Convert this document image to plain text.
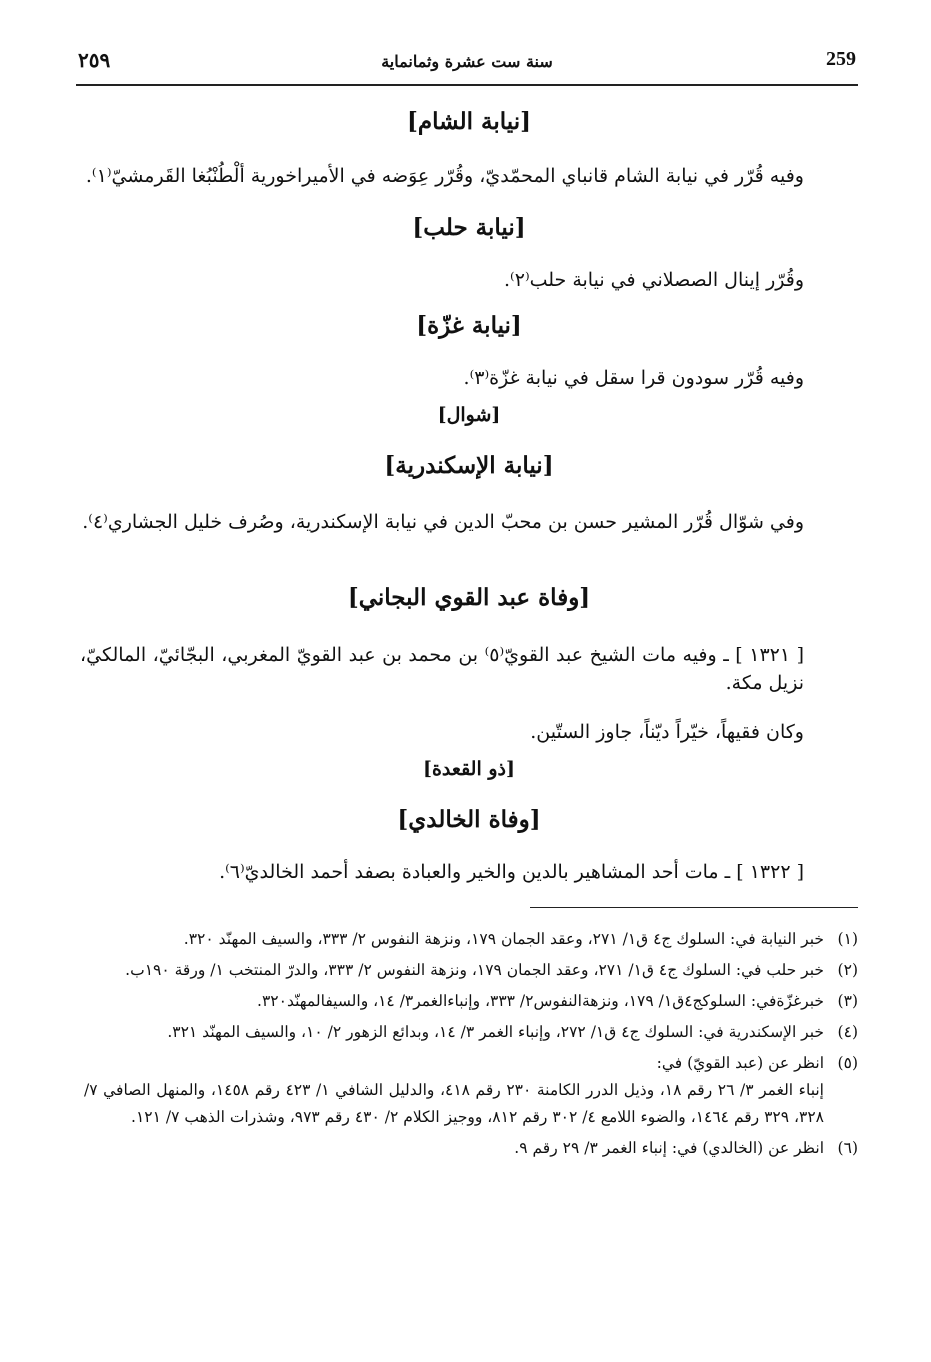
٢٥٩	سنة ست عشرة وثمانماية	259
[نيابة الشام]
وفيه قُرّر في نيابة الشام قانباي المحمّديّ، وقُرّر عِوَضه في الأميراخورية ألْطُنْبُغا القَرمشيّ⁽١⁾.
[نيابة حلب]
وقُرّر إينال الصصلاني في نيابة حلب⁽٢⁾.
[نيابة غزّة]
وفيه قُرّر سودون قرا سقل في نيابة غزّة⁽٣⁾.
[شوال]
[نيابة الإسكندرية]
وفي شوّال قُرّر المشير حسن بن محبّ الدين في نيابة الإسكندرية، وصُرف خليل الجشاري⁽٤⁾.
[وفاة عبد القوي البجاني]
[ ١٣٢١ ] ـ وفيه مات الشيخ عبد القويّ⁽٥⁾ بن محمد بن عبد القويّ المغربي، البجّائيّ، المالكيّ، نزيل مكة.
وكان فقيهاً، خيّراً ديّناً، جاوز الستّين.
[ذو القعدة]
[وفاة الخالدي]
[ ١٣٢٢ ] ـ مات أحد المشاهير بالدين والخير والعبادة بصفد أحمد الخالديّ⁽٦⁾.
(١)
خبر النيابة في: السلوك ج٤ ق١/ ٢٧١، وعقد الجمان ١٧٩، ونزهة النفوس ٢/ ٣٣٣، والسيف المهنّد ٣٢٠.
(٢)
خبر حلب في: السلوك ج٤ ق١/ ٢٧١، وعقد الجمان ١٧٩، ونزهة النفوس ٢/ ٣٣٣، والدرّ المنتخب ١/ ورقة ١٩٠ب.
(٣)
خبرغزّةفي: السلوكج٤ق١/ ١٧٩، ونزهةالنفوس٢/ ٣٣٣، وإنباءالغمر٣/ ١٤، والسيفالمهنّد٣٢٠.
(٤)
خبر الإسكندرية في: السلوك ج٤ ق١/ ٢٧٢، وإنباء الغمر ٣/ ١٤، وبدائع الزهور ٢/ ١٠، والسيف المهنّد ٣٢١.
(٥)
انظر عن (عبد القويّ) في:
إنباء الغمر ٣/ ٢٦ رقم ١٨، وذيل الدرر الكامنة ٢٣٠ رقم ٤١٨، والدليل الشافي ١/ ٤٢٣ رقم ١٤٥٨، والمنهل الصافي ٧/ ٣٢٨، ٣٢٩ رقم ١٤٦٤، والضوء اللامع ٤/ ٣٠٢ رقم ٨١٢، ووجيز الكلام ٢/ ٤٣٠ رقم ٩٧٣، وشذرات الذهب ٧/ ١٢١.
(٦)
انظر عن (الخالدي) في: إنباء الغمر ٣/ ٢٩ رقم ٩.
